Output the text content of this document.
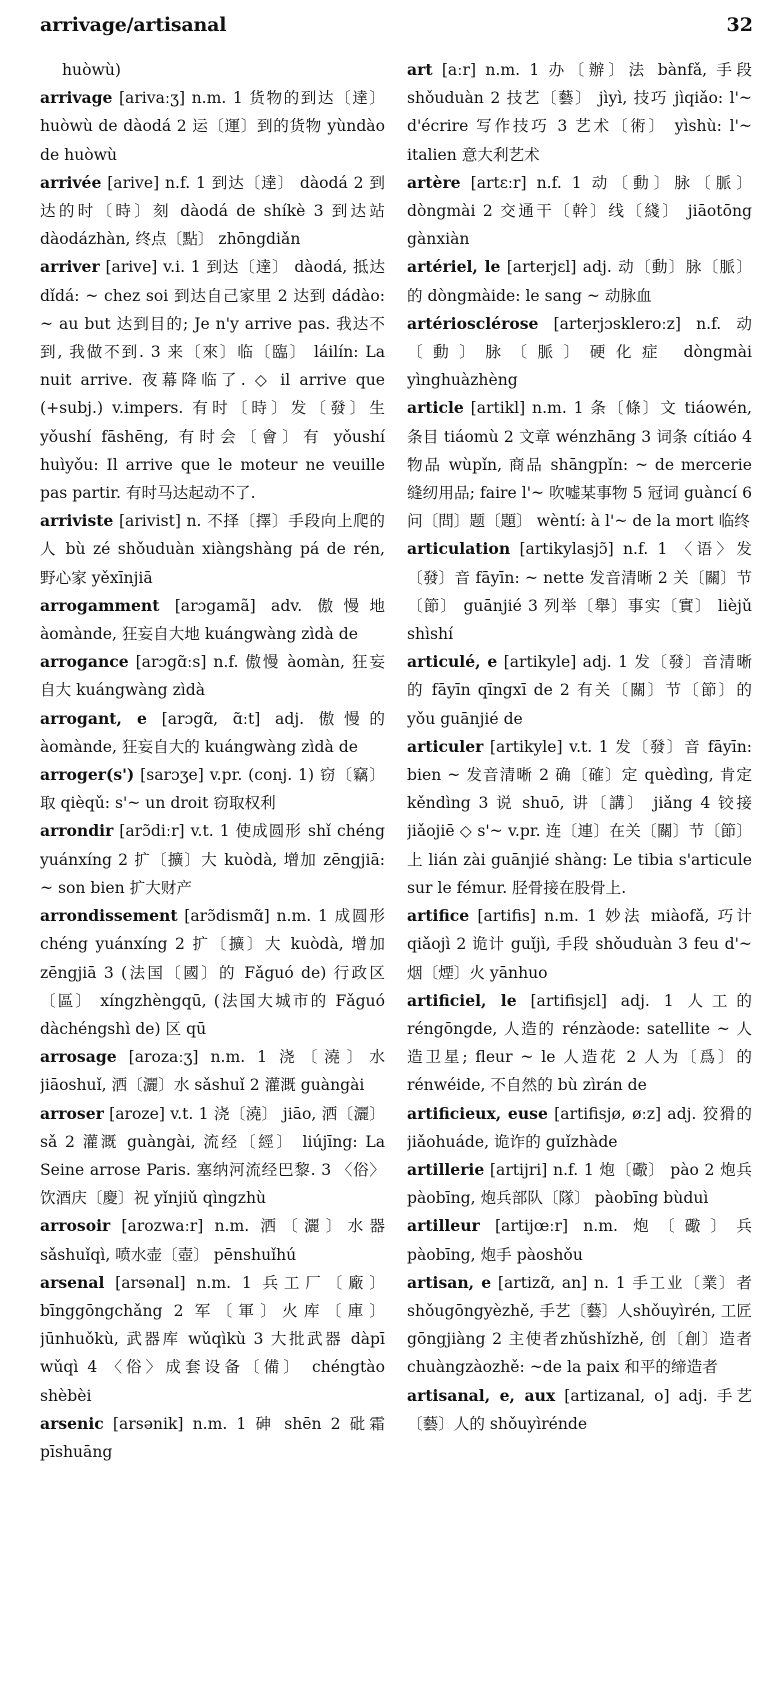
arrivage/artisanal	32

huòwù)

arrivage [arivaːʒ] n.m. 1 货物的到达〔達〕 huòwù de dàodá 2 运〔運〕到的货物 yùndào de huòwù

arrivée [arive] n.f. 1 到达〔達〕 dàodá 2 到达的时〔時〕刻 dàodá de shíkè 3 到达站 dàodázhàn, 终点〔點〕 zhōngdiǎn

arriver [arive] v.i. 1 到达〔達〕 dàodá, 抵达 dǐdá: ~ chez soi 到达自己家里 2 达到 dádào: ~ au but 达到目的; Je n'y arrive pas. 我达不到, 我做不到. 3 来〔來〕临〔臨〕 láilín: La nuit arrive. 夜幕降临了. ◇ il arrive que (+subj.) v.impers. 有时〔時〕发〔發〕生yǒushí fāshēng, 有时会〔會〕有 yǒushí huìyǒu: Il arrive que le moteur ne veuille pas partir. 有时马达起动不了.

arriviste [arivist] n. 不择〔擇〕手段向上爬的人 bù zé shǒuduàn xiàngshàng pá de rén, 野心家 yěxīnjiā

arrogamment [arɔgamã] adv. 傲慢地 àomànde, 狂妄自大地 kuángwàng zìdà de

arrogance [arɔgɑ̃ːs] n.f. 傲慢 àomàn, 狂妄自大 kuángwàng zìdà

arrogant, e [arɔgɑ̃, ɑ̃ːt] adj. 傲慢的 àomànde, 狂妄自大的 kuángwàng zìdà de

arroger(s') [sarɔʒe] v.pr. (conj. 1) 窃〔竊〕取 qièqǔ: s'~ un droit 窃取权利

arrondir [arɔ̃diːr] v.t. 1 使成圆形 shǐ chéng yuánxíng 2 扩〔擴〕大 kuòdà, 增加 zēngjiā: ~ son bien 扩大财产

arrondissement [arɔ̃dismɑ̃] n.m. 1 成圆形 chéng yuánxíng 2 扩〔擴〕大 kuòdà, 增加 zēngjiā 3 (法国〔國〕的 Fǎguó de) 行政区〔區〕 xíngzhèngqū, (法国大城市的 Fǎguó dàchéngshì de) 区 qū

arrosage [arozaːʒ] n.m. 1 浇〔澆〕水 jiāoshuǐ, 洒〔灑〕水 sǎshuǐ 2 灌溉 guàngài

arroser [aroze] v.t. 1 浇〔澆〕 jiāo, 洒〔灑〕 sǎ 2 灌溉 guàngài, 流经〔經〕 liújīng: La Seine arrose Paris. 塞纳河流经巴黎. 3 〈俗〉饮酒庆〔慶〕祝 yǐnjiǔ qìngzhù

arrosoir [arozwaːr] n.m. 洒〔灑〕水器 sǎshuǐqì, 喷水壶〔壺〕 pēnshuǐhú

arsenal [arsənal] n.m. 1 兵工厂〔廠〕 bīnggōngchǎng 2 军〔軍〕火库〔庫〕 jūnhuǒkù, 武器库 wǔqìkù 3 大批武器 dàpī wǔqì 4 〈俗〉成套设备〔備〕 chéngtào shèbèi

arsenic [arsənik] n.m. 1 砷 shēn 2 砒霜 pīshuāng

art [aːr] n.m. 1 办〔辦〕法 bànfǎ, 手段 shǒuduàn 2 技艺〔藝〕 jìyì, 技巧 jìqiǎo: l'~ d'écrire 写作技巧 3 艺术〔術〕 yìshù: l'~ italien 意大利艺术

artère [artɛːr] n.f. 1 动〔動〕脉〔脈〕 dòngmài 2 交通干〔幹〕线〔綫〕 jiāotōng gànxiàn

artériel, le [arterjɛl] adj. 动〔動〕脉〔脈〕的 dòngmàide: le sang ~ 动脉血

artériosclérose [arterjɔskleroːz] n.f. 动〔動〕脉〔脈〕硬化症 dòngmài yìnghuàzhèng

article [artikl] n.m. 1 条〔條〕文 tiáowén, 条目 tiáomù 2 文章 wénzhāng 3 词条 cítiáo 4 物品 wùpǐn, 商品 shāngpǐn: ~ de mercerie 缝纫用品; faire l'~ 吹嘘某事物 5 冠词 guàncí 6 问〔問〕题〔題〕 wèntí: à l'~ de la mort 临终

articulation [artikylasjɔ̃] n.f. 1 〈语〉发〔發〕音 fāyīn: ~ nette 发音清晰 2 关〔關〕节〔節〕 guānjié 3 列举〔舉〕事实〔實〕 lièjǔ shìshí

articulé, e [artikyle] adj. 1 发〔發〕音清晰的 fāyīn qīngxī de 2 有关〔關〕节〔節〕的 yǒu guānjié de

articuler [artikyle] v.t. 1 发〔發〕音 fāyīn: bien ~ 发音清晰 2 确〔確〕定 quèdìng, 肯定 kěndìng 3 说 shuō, 讲〔講〕 jiǎng 4 铰接 jiǎojiē ◇ s'~ v.pr. 连〔連〕在关〔關〕节〔節〕上 lián zài guānjié shàng: Le tibia s'articule sur le fémur. 胫骨接在股骨上.

artifice [artifis] n.m. 1 妙法 miàofǎ, 巧计 qiǎojì 2 诡计 guǐjì, 手段 shǒuduàn 3 feu d'~ 烟〔煙〕火 yānhuo

artificiel, le [artifisjɛl] adj. 1 人工的 réngōngde, 人造的 rénzàode: satellite ~ 人造卫星; fleur ~ le 人造花 2 人为〔爲〕的 rénwéide, 不自然的 bù zìrán de

artificieux, euse [artifisjø, øːz] adj. 狡猾的 jiǎohuáde, 诡诈的 guǐzhàde

artillerie [artijri] n.f. 1 炮〔礮〕 pào 2 炮兵 pàobīng, 炮兵部队〔隊〕 pàobīng bùduì

artilleur [artijœːr] n.m. 炮〔礮〕兵 pàobīng, 炮手 pàoshǒu

artisan, e [artizɑ̃, an] n. 1 手工业〔業〕者 shǒugōngyèzhě, 手艺〔藝〕人shǒuyìrén, 工匠 gōngjiàng 2 主使者zhǔshǐzhě, 创〔創〕造者 chuàngzàozhě: ~de la paix 和平的缔造者

artisanal, e, aux [artizanal, o] adj. 手艺〔藝〕人的 shǒuyìrénde
